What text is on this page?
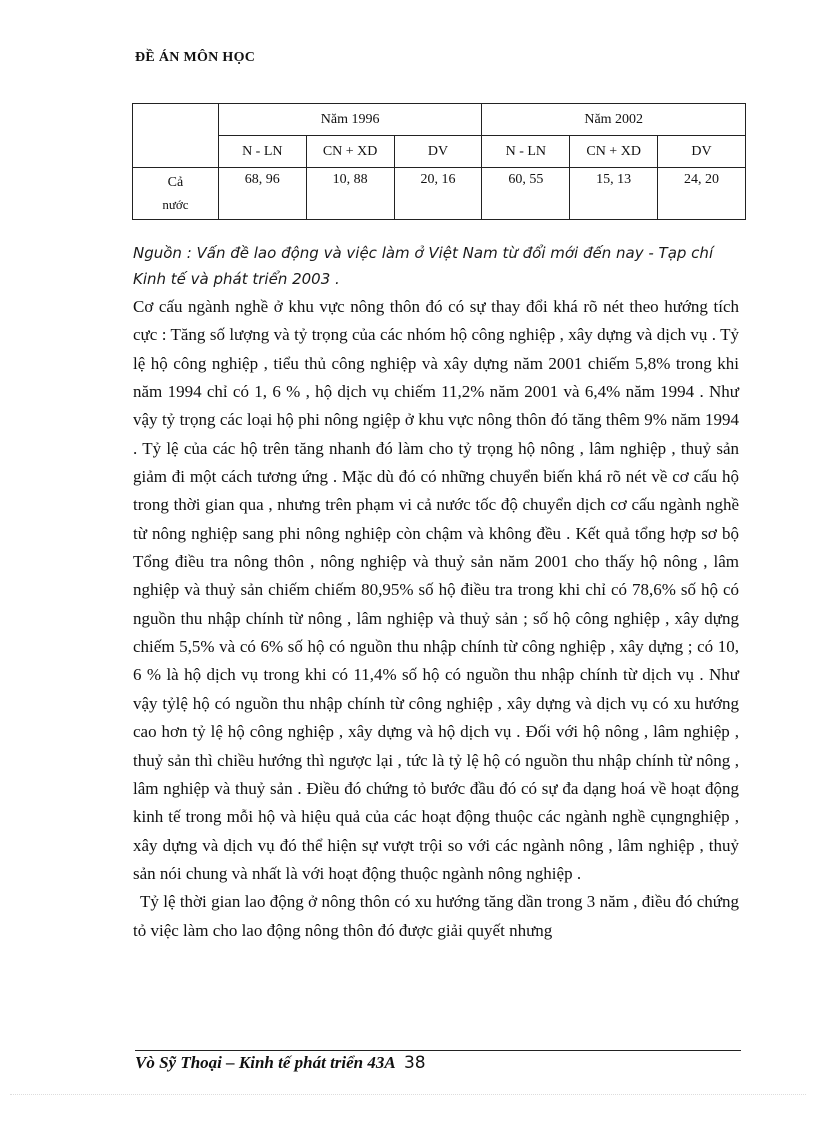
ĐỀ ÁN MÔN HỌC
	Năm 1996			Năm 2002		
	N - LN	CN + XD	DV	N - LN	CN + XD	DV

Cả
nước	68, 96	10, 88	20, 16	60, 55	15, 13	24, 20
Nguồn : Vấn đề lao động và việc làm ở Việt Nam từ đổi mới đến nay - Tạp chí Kinh tế và phát triển 2003 .

Cơ cấu ngành nghề ở khu vực nông thôn đó có sự thay đổi khá rõ nét theo hướng tích cực : Tăng số lượng và tỷ trọng của các nhóm hộ công nghiệp , xây dựng và dịch vụ . Tỷ lệ hộ công nghiệp , tiểu thủ công nghiệp và xây dựng năm 2001 chiếm 5,8% trong khi năm 1994 chỉ có 1, 6 % , hộ dịch vụ chiếm 11,2% năm 2001 và 6,4% năm 1994 . Như vậy tỷ trọng các loại hộ phi nông ngiệp ở khu vực nông thôn đó tăng thêm 9% năm 1994 . Tỷ lệ của các hộ trên tăng nhanh đó làm cho tỷ trọng hộ nông , lâm nghiệp , thuỷ sản giảm đi một cách tương ứng . Mặc dù đó có những chuyển biến khá rõ nét về cơ cấu hộ trong thời gian qua , nhưng trên phạm vi cả nước tốc độ chuyển dịch cơ cấu ngành nghề từ nông nghiệp sang phi nông nghiệp còn chậm và không đều . Kết quả tổng hợp sơ bộ Tổng điều tra nông thôn , nông nghiệp và thuỷ sản năm 2001 cho thấy hộ nông , lâm nghiệp và thuỷ sản chiếm chiếm 80,95% số hộ điều tra trong khi chỉ có 78,6% số hộ có nguồn thu nhập chính từ nông , lâm nghiệp và thuỷ sản ; số hộ công nghiệp , xây dựng chiếm 5,5% và có 6% số hộ có nguồn thu nhập chính từ công nghiệp , xây dựng ; có 10, 6 % là hộ dịch vụ trong khi có 11,4% số hộ có nguồn thu nhập chính từ dịch vụ . Như vậy tỷlệ hộ có nguồn thu nhập chính từ công nghiệp , xây dựng và dịch vụ có xu hướng cao hơn tỷ lệ hộ công nghiệp , xây dựng và hộ dịch vụ . Đối với hộ nông , lâm nghiệp , thuỷ sản thì chiều hướng thì ngược lại , tức là tỷ lệ hộ có nguồn thu nhập chính từ nông , lâm nghiệp và thuỷ sản . Điều đó chứng tỏ bước đầu đó có sự đa dạng hoá về hoạt động kinh tế trong mỗi hộ và hiệu quả của các hoạt động thuộc các ngành nghề cụngnghiệp , xây dựng và dịch vụ đó thể hiện sự vượt trội so với các ngành nông , lâm nghiệp , thuỷ sản nói chung và nhất là với hoạt động thuộc ngành nông nghiệp .

Tỷ lệ thời gian lao động ở nông thôn có xu hướng tăng dần trong 3 năm , điều đó chứng tỏ việc làm cho lao động nông thôn đó được giải quyết nhưng

Vò Sỹ Thoại – Kinh tế phát triển 43A 38
